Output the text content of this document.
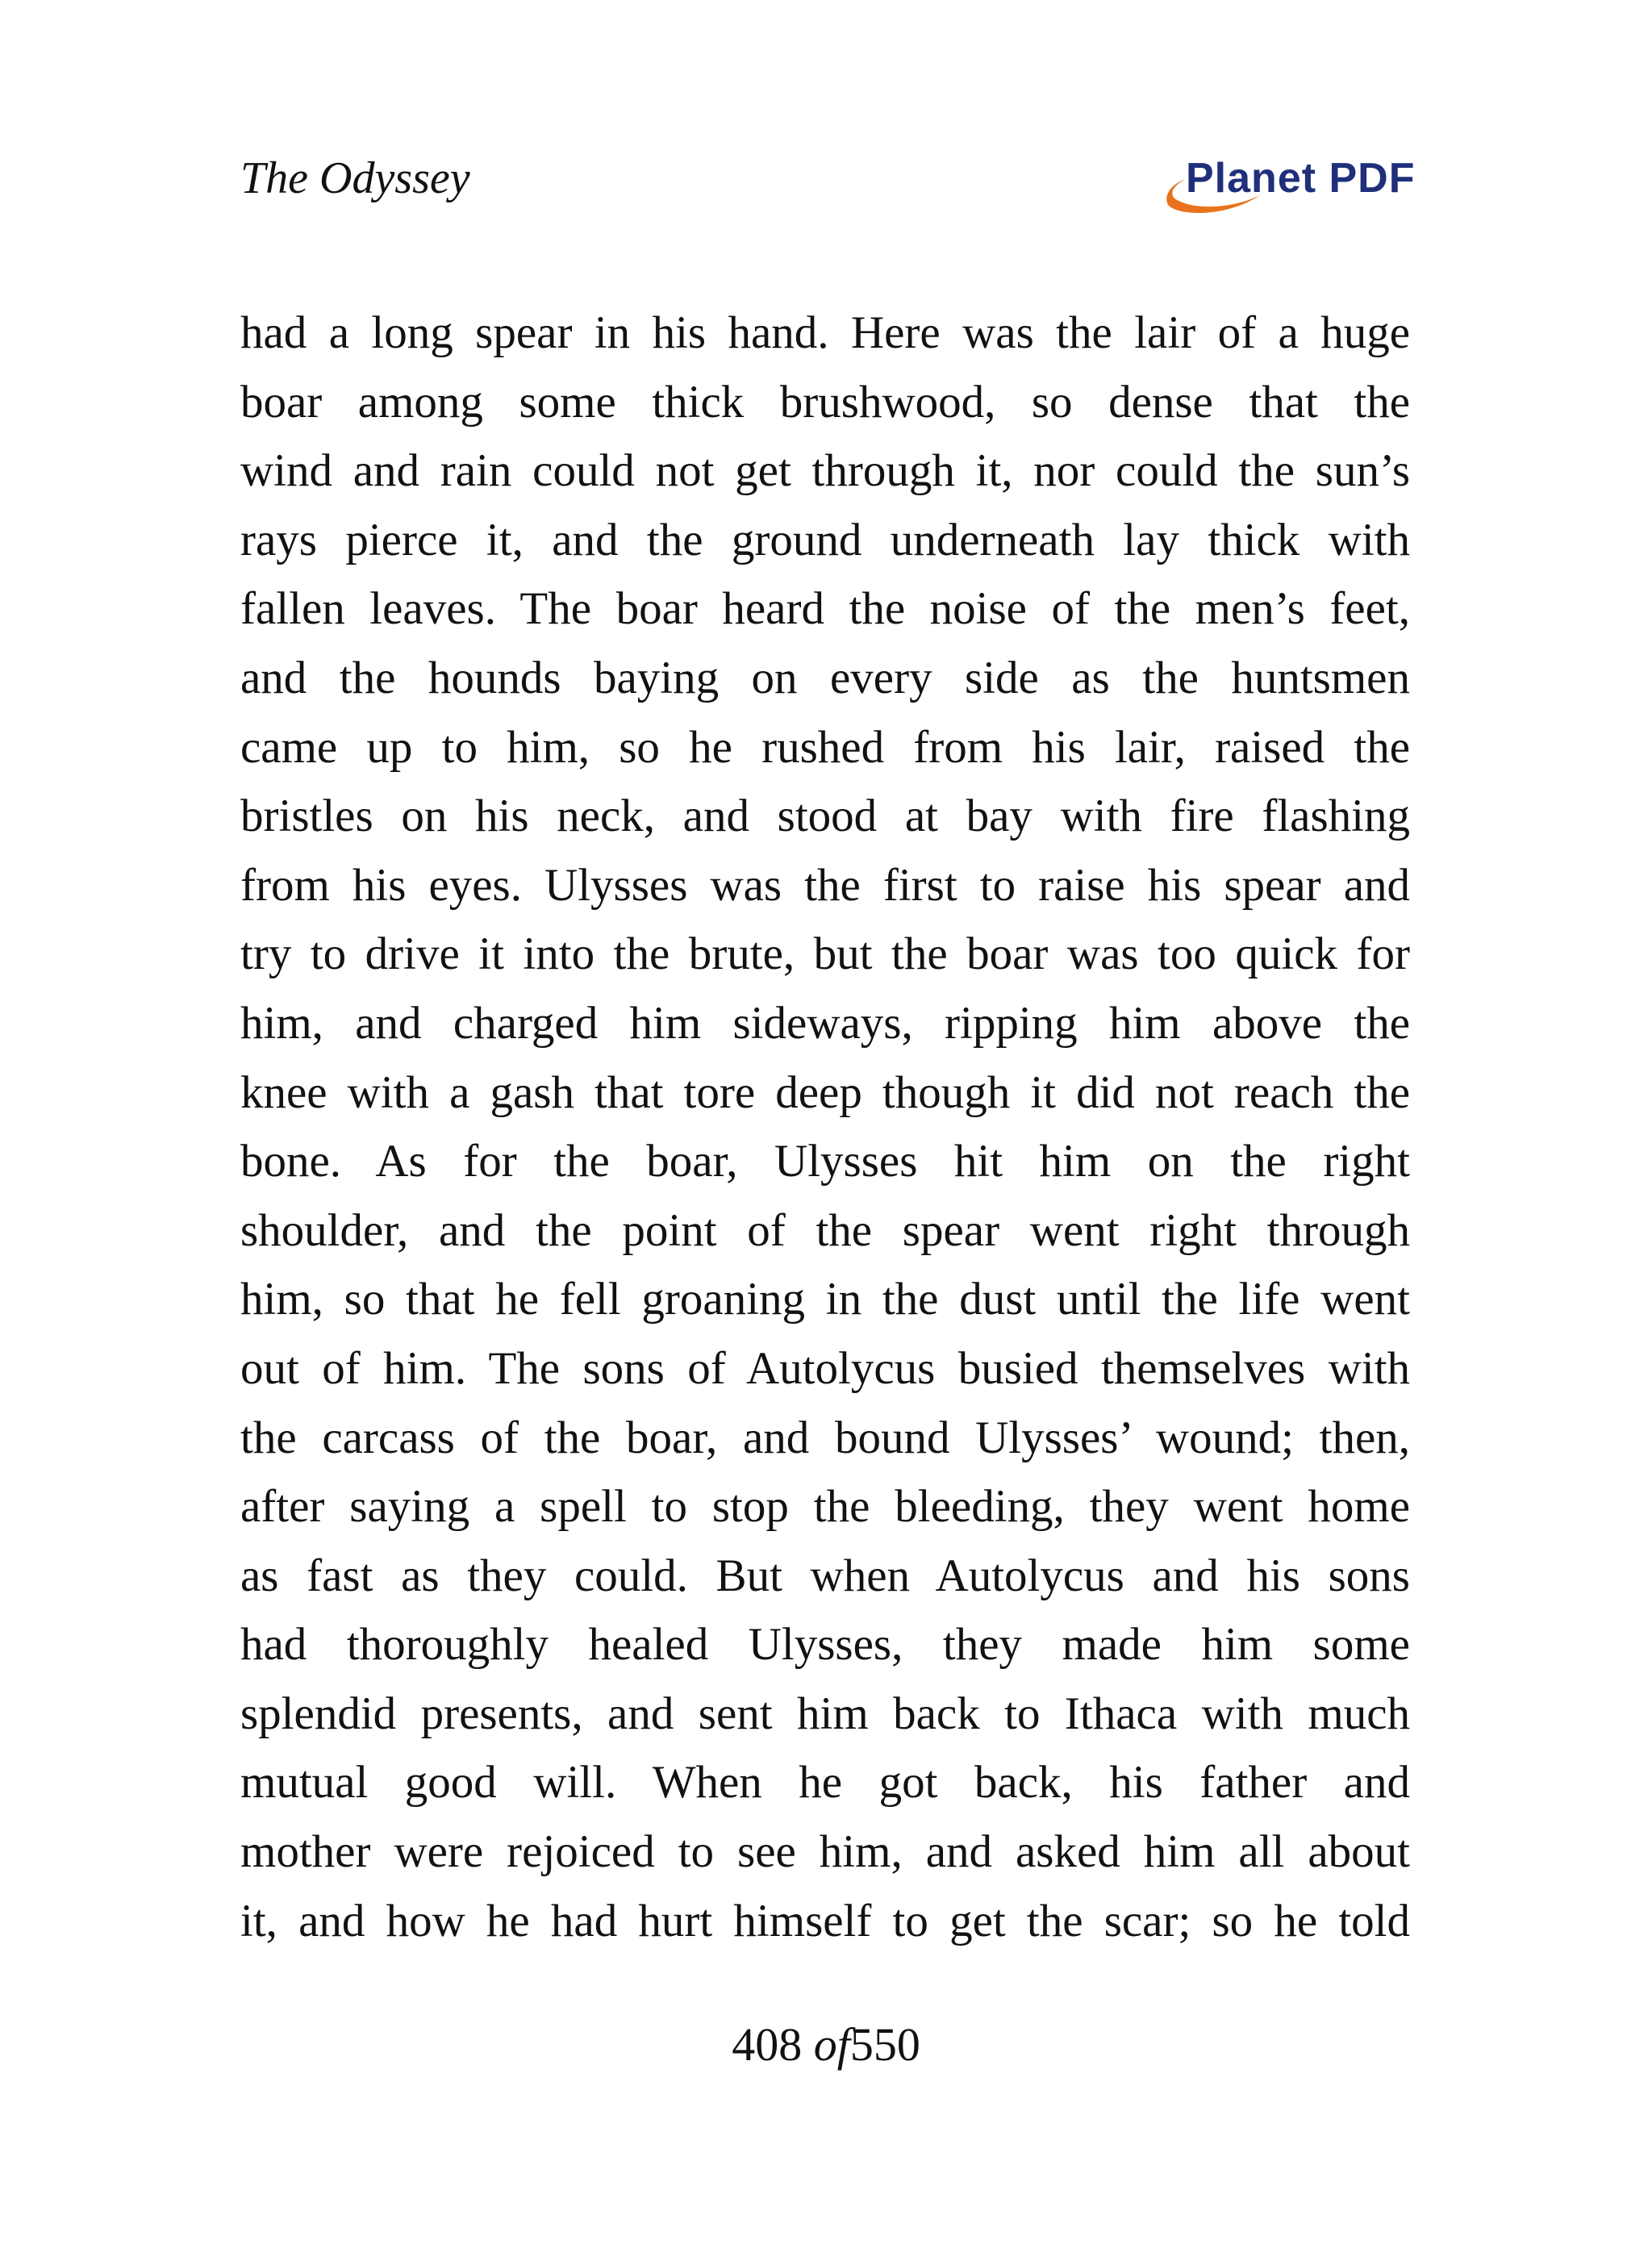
The Odyssey	Planet PDF
had a long spear in his hand. Here was the lair of a huge
boar among some thick brushwood, so dense that the
wind and rain could not get through it, nor could the sun’s
rays pierce it, and the ground underneath lay thick with
fallen leaves. The boar heard the noise of the men’s feet,
and the hounds baying on every side as the huntsmen
came up to him, so he rushed from his lair, raised the
bristles on his neck, and stood at bay with fire flashing
from his eyes. Ulysses was the first to raise his spear and
try to drive it into the brute, but the boar was too quick for
him, and charged him sideways, ripping him above the
knee with a gash that tore deep though it did not reach the
bone. As for the boar, Ulysses hit him on the right
shoulder, and the point of the spear went right through
him, so that he fell groaning in the dust until the life went
out of him. The sons of Autolycus busied themselves with
the carcass of the boar, and bound Ulysses’ wound; then,
after saying a spell to stop the bleeding, they went home
as fast as they could. But when Autolycus and his sons
had thoroughly healed Ulysses, they made him some
splendid presents, and sent him back to Ithaca with much
mutual good will. When he got back, his father and
mother were rejoiced to see him, and asked him all about
it, and how he had hurt himself to get the scar; so he told
408 of550
